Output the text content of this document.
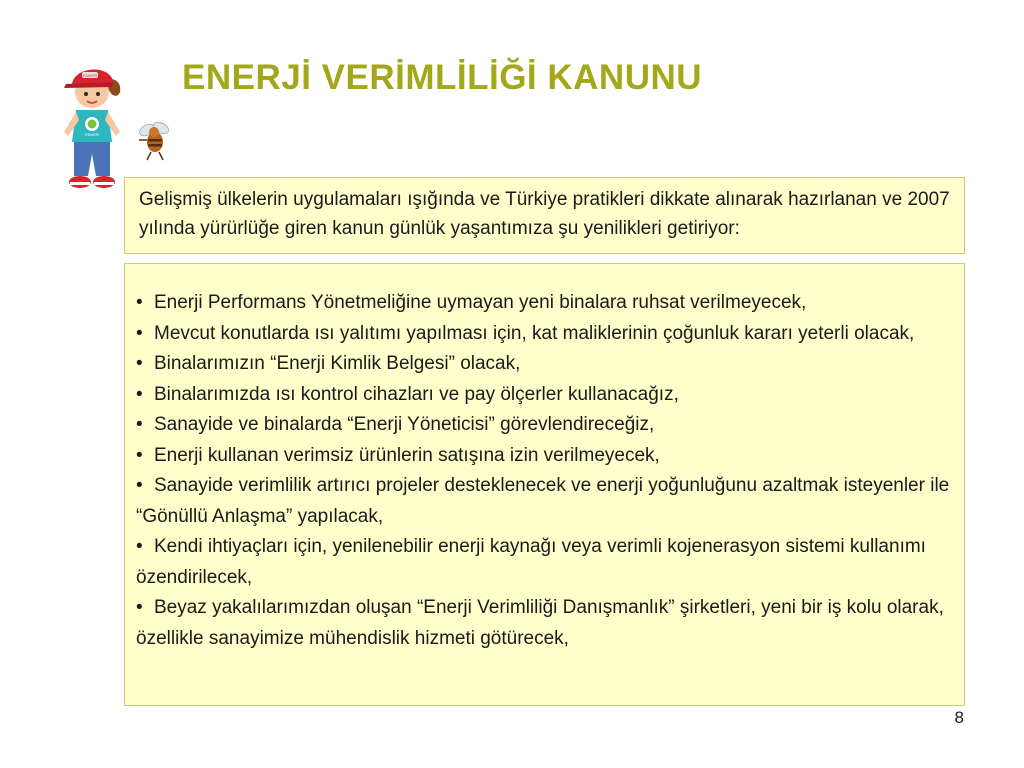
ENVER
ENVER
ENERJİ VERİMLİLİĞİ KANUNU
Gelişmiş ülkelerin uygulamaları ışığında ve Türkiye pratikleri dikkate alınarak hazırlanan ve 2007 yılında yürürlüğe giren kanun günlük yaşantımıza şu yenilikleri getiriyor:
• Enerji Performans Yönetmeliğine uymayan yeni binalara ruhsat verilmeyecek,
• Mevcut konutlarda ısı yalıtımı yapılması için, kat maliklerinin çoğunluk kararı yeterli olacak,
• Binalarımızın “Enerji Kimlik Belgesi” olacak,
• Binalarımızda ısı kontrol cihazları ve pay ölçerler kullanacağız,
• Sanayide ve binalarda “Enerji Yöneticisi” görevlendireceğiz,
• Enerji kullanan verimsiz ürünlerin satışına izin verilmeyecek,
• Sanayide verimlilik artırıcı projeler desteklenecek ve enerji yoğunluğunu azaltmak isteyenler ile “Gönüllü Anlaşma” yapılacak,
• Kendi ihtiyaçları için, yenilenebilir enerji kaynağı veya verimli kojenerasyon sistemi kullanımı özendirilecek,
• Beyaz yakalılarımızdan oluşan “Enerji Verimliliği Danışmanlık” şirketleri, yeni bir iş kolu olarak, özellikle sanayimize mühendislik hizmeti götürecek,
8
